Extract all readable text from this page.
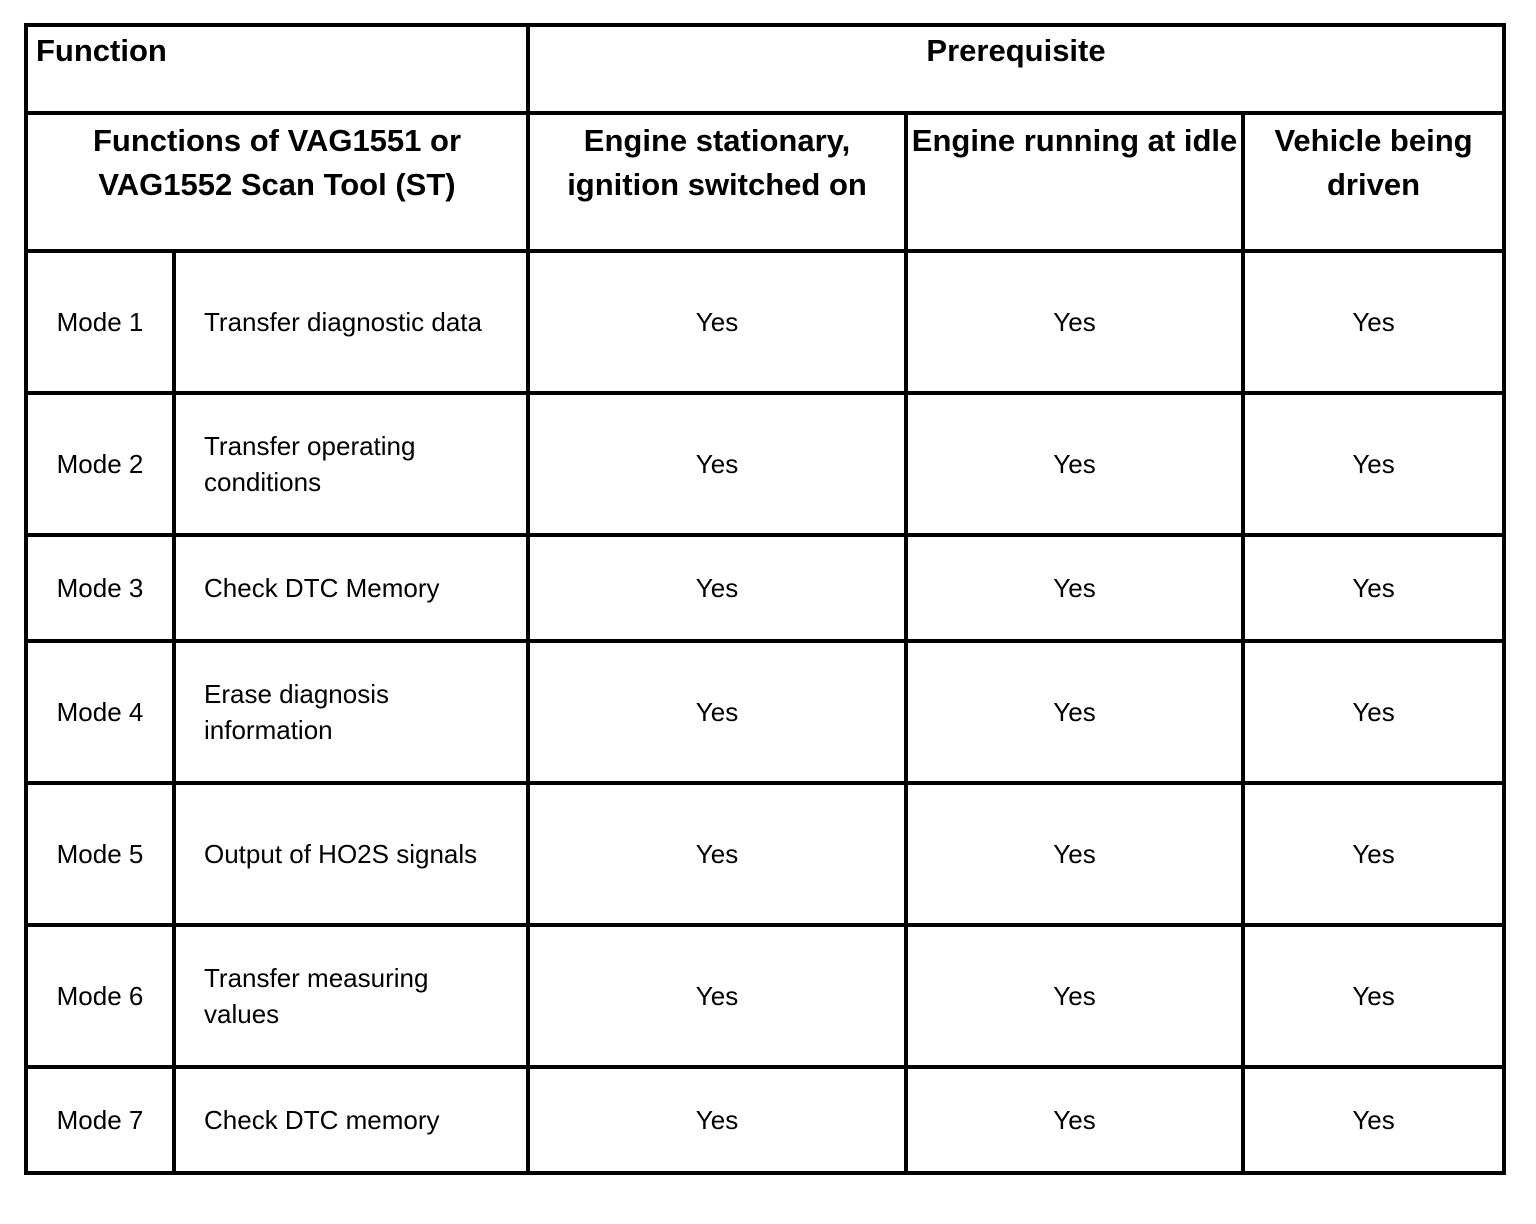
Function		Prerequisite		
Functions of VAG1551 or VAG1552 Scan Tool (ST)		Engine stationary, ignition switched on	Engine running at idle	Vehicle being driven
Mode 1	Transfer diagnostic data	Yes	Yes	Yes
Mode 2	Transfer operating conditions	Yes	Yes	Yes
Mode 3	Check DTC Memory	Yes	Yes	Yes
Mode 4	Erase diagnosis information	Yes	Yes	Yes
Mode 5	Output of HO2S signals	Yes	Yes	Yes
Mode 6	Transfer measuring values	Yes	Yes	Yes
Mode 7	Check DTC memory	Yes	Yes	Yes
